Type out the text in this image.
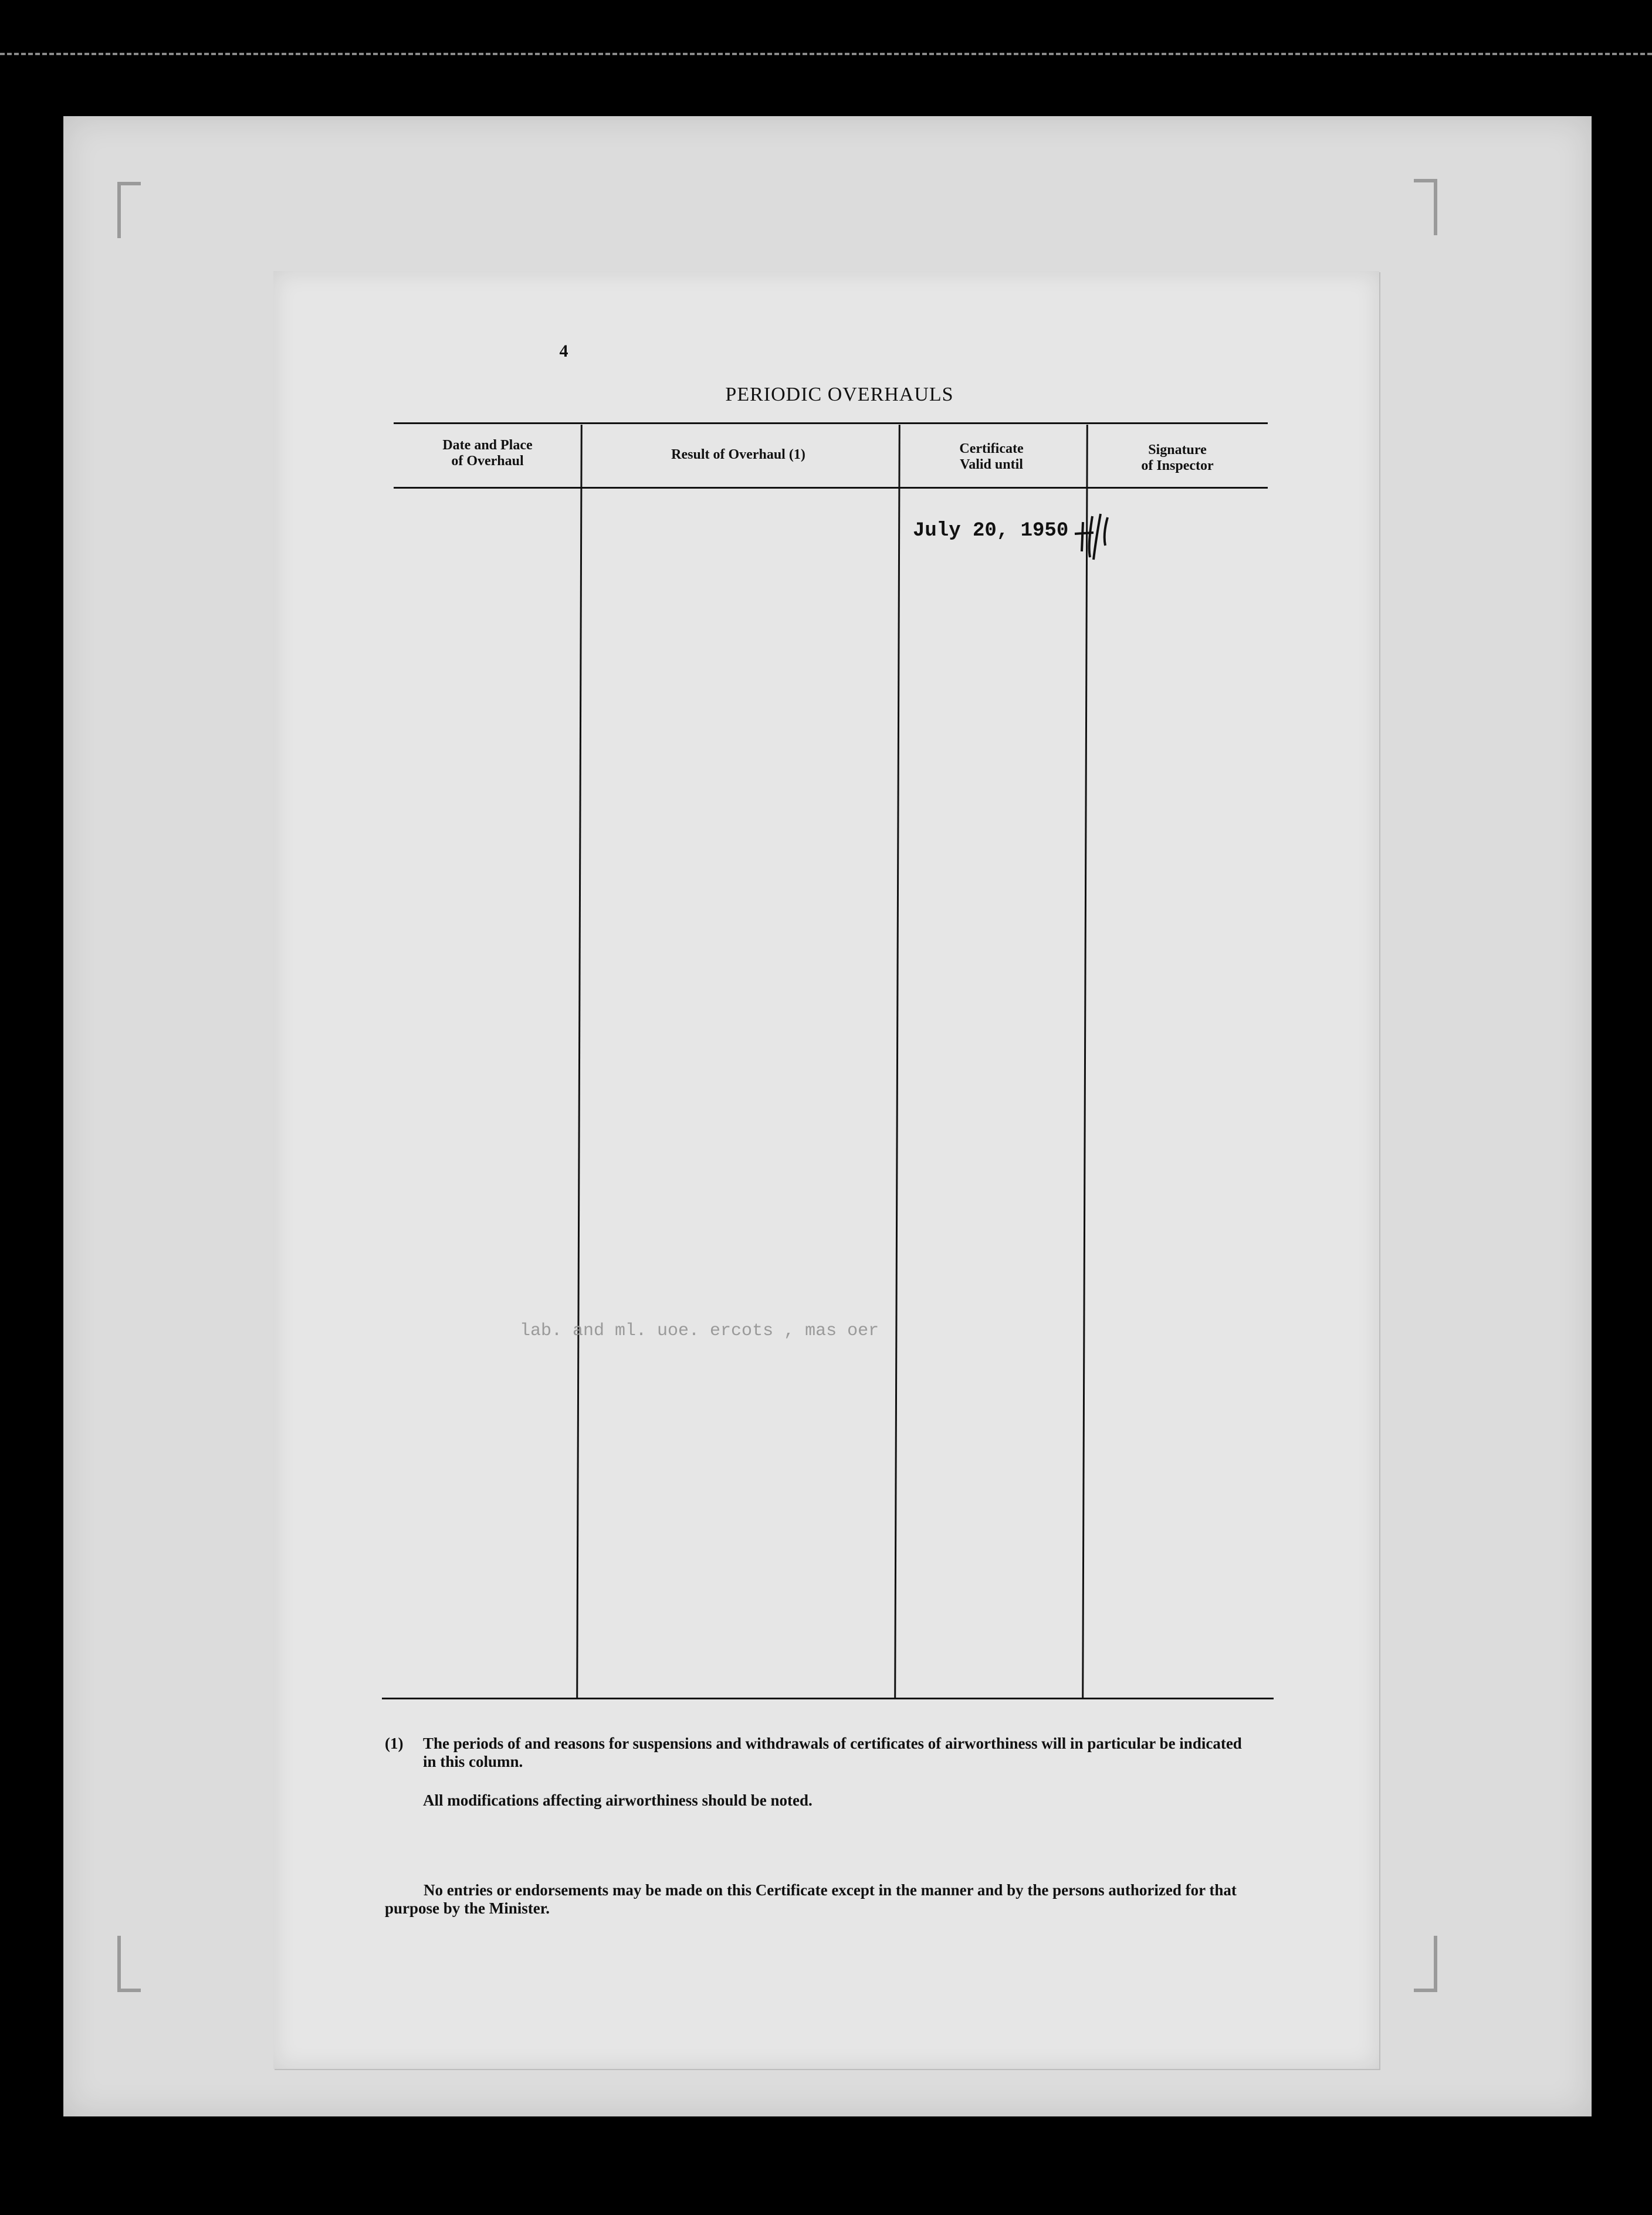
4
PERIODIC OVERHAULS
Date and Place
of Overhaul	Result of Overhaul (1)	Certificate
Valid until
Signature
of Inspector
July 20, 1950
lab. and ml. uoe. ercots , mas oer
(1) The periods of and reasons for suspensions and withdrawals of certificates of airworthiness will in particular be indicated in this column.
All modifications affecting airworthiness should be noted.
No entries or endorsements may be made on this Certificate except in the manner and by the persons authorized for that purpose by the Minister.
